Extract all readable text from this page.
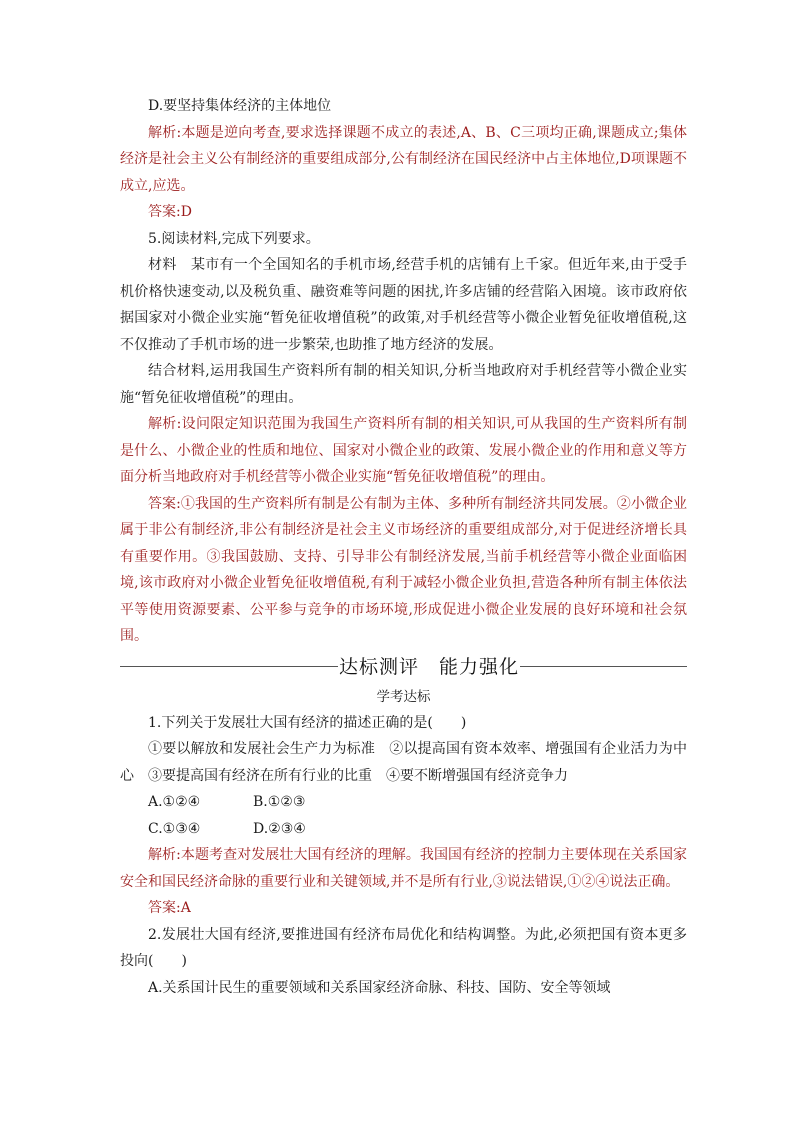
D.要坚持集体经济的主体地位

解析:本题是逆向考查,要求选择课题不成立的表述,A、B、C三项均正确,课题成立;集体经济是社会主义公有制经济的重要组成部分,公有制经济在国民经济中占主体地位,D项课题不成立,应选。

答案:D

5.阅读材料,完成下列要求。

材料　某市有一个全国知名的手机市场,经营手机的店铺有上千家。但近年来,由于受手机价格快速变动,以及税负重、融资难等问题的困扰,许多店铺的经营陷入困境。该市政府依据国家对小微企业实施“暂免征收增值税”的政策,对手机经营等小微企业暂免征收增值税,这不仅推动了手机市场的进一步繁荣,也助推了地方经济的发展。

结合材料,运用我国生产资料所有制的相关知识,分析当地政府对手机经营等小微企业实施“暂免征收增值税”的理由。

解析:设问限定知识范围为我国生产资料所有制的相关知识,可从我国的生产资料所有制是什么、小微企业的性质和地位、国家对小微企业的政策、发展小微企业的作用和意义等方面分析当地政府对手机经营等小微企业实施“暂免征收增值税”的理由。

答案:①我国的生产资料所有制是公有制为主体、多种所有制经济共同发展。②小微企业属于非公有制经济,非公有制经济是社会主义市场经济的重要组成部分,对于促进经济增长具有重要作用。③我国鼓励、支持、引导非公有制经济发展,当前手机经营等小微企业面临困境,该市政府对小微企业暂免征收增值税,有利于减轻小微企业负担,营造各种所有制主体依法平等使用资源要素、公平参与竞争的市场环境,形成促进小微企业发展的良好环境和社会氛围。

达标测评　能力强化

学考达标

1.下列关于发展壮大国有经济的描述正确的是(　　)

①要以解放和发展社会生产力为标准　②以提高国有资本效率、增强国有企业活力为中心　③要提高国有经济在所有行业的比重　④要不断增强国有经济竞争力

A.①②④	B.①②③
C.①③④	D.②③④

解析:本题考查对发展壮大国有经济的理解。我国国有经济的控制力主要体现在关系国家安全和国民经济命脉的重要行业和关键领域,并不是所有行业,③说法错误,①②④说法正确。

答案:A

2.发展壮大国有经济,要推进国有经济布局优化和结构调整。为此,必须把国有资本更多投向(　　)

A.关系国计民生的重要领域和关系国家经济命脉、科技、国防、安全等领域
